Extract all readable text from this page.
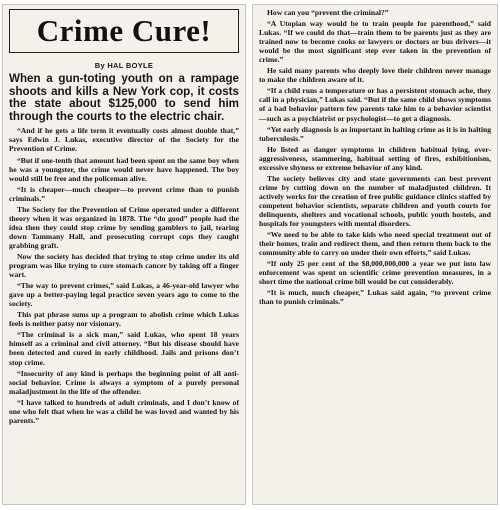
Crime Cure!
By HAL BOYLE
When a gun-toting youth on a rampage shoots and kills a New York cop, it costs the state about $125,000 to send him through the courts to the electric chair.

“And if he gets a life term it eventually costs almost double that,” says Edwin J. Lukas, executive director of the Society for the Prevention of Crime.

“But if one-tenth that amount had been spent on the same boy when he was a youngster, the crime would never have happened. The boy would still be free and the policeman alive.

“It is cheaper—much cheaper—to prevent crime than to punish criminals.”

The Society for the Prevention of Crime operated under a different theory when it was organized in 1878. The “do good” people had the idea then they could stop crime by sending gamblers to jail, tearing down Tammany Hall, and prosecuting corrupt cops they caught grabbing graft.

Now the society has decided that trying to stop crime under its old program was like trying to cure stomach cancer by taking off a finger wart.

“The way to prevent crimes,” said Lukas, a 46-year-old lawyer who gave up a better-paying legal practice seven years ago to come to the society.

This pat phrase sums up a program to abolish crime which Lukas feels is neither patsy nor visionary.

“The criminal is a sick man,” said Lukas, who spent 18 years himself as a criminal and civil attorney. “But his disease should have been detected and cured in early childhood. Jails and prisons don’t stop crime.

“Insecurity of any kind is perhaps the beginning point of all anti-social behavior. Crime is always a symptom of a purely personal maladjustment in the life of the offender.

“I have talked to hundreds of adult criminals, and I don’t know of one who felt that when he was a child he was loved and wanted by his parents.”

How can you “prevent the criminal?”

“A Utopian way would be to train people for parenthood,” said Lukas. “If we could do that—train them to be parents just as they are trained now to become cooks or lawyers or doctors or bus drivers—it would be the most significant step ever taken in the prevention of crime.”

He said many parents who deeply love their children never manage to make the children aware of it.

“If a child runs a temperature or has a persistent stomach ache, they call in a physician,” Lukas said. “But if the same child shows symptoms of a bad behavior pattern few parents take him to a behavior scientist—such as a psychiatrist or psychologist—to get a diagnosis.

“Yet early diagnosis is as important in halting crime as it is in halting tuberculosis.”

He listed as danger symptoms in children habitual lying, over-aggressiveness, stammering, habitual setting of fires, exhibitionism, excessive shyness or extreme behavior of any kind.

The society believes city and state governments can best prevent crime by cutting down on the number of maladjusted children. It actively works for the creation of free public guidance clinics staffed by competent behavior scientists, separate children and youth courts for delinquents, shelters and vocational schools, public youth hostels, and hospitals for youngsters with mental disorders.

“We need to be able to take kids who need special treatment out of their homes, train and redirect them, and then return them back to the community able to carry on under their own efforts,” said Lukas.

“If only 25 per cent of the $8,000,000,000 a year we put into law enforcement was spent on scientific crime prevention measures, in a short time the national crime bill would be cut considerably.

“It is much, much cheaper,” Lukas said again, “to prevent crime than to punish criminals.”
